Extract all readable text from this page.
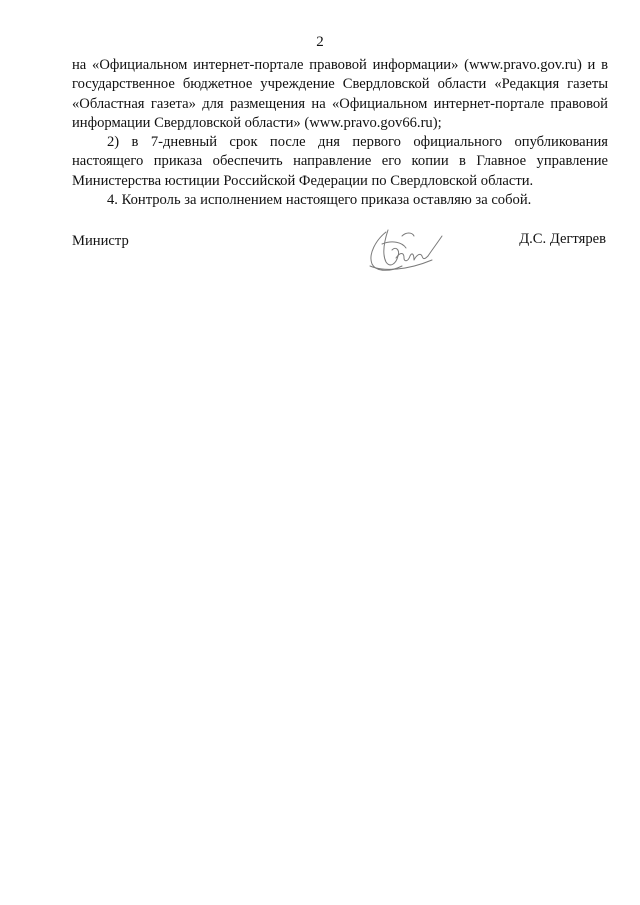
2

на «Официальном интернет-портале правовой информации» (www.pravo.gov.ru) и в государственное бюджетное учреждение Свердловской области «Редакция газеты «Областная газета» для размещения на «Официальном интернет-портале правовой информации Свердловской области» (www.pravo.gov66.ru);

2) в 7-дневный срок после дня первого официального опубликования настоящего приказа обеспечить направление его копии в Главное управление Министерства юстиции Российской Федерации по Свердловской области.

4. Контроль за исполнением настоящего приказа оставляю за собой.

Министр	Д.С. Дегтярев
